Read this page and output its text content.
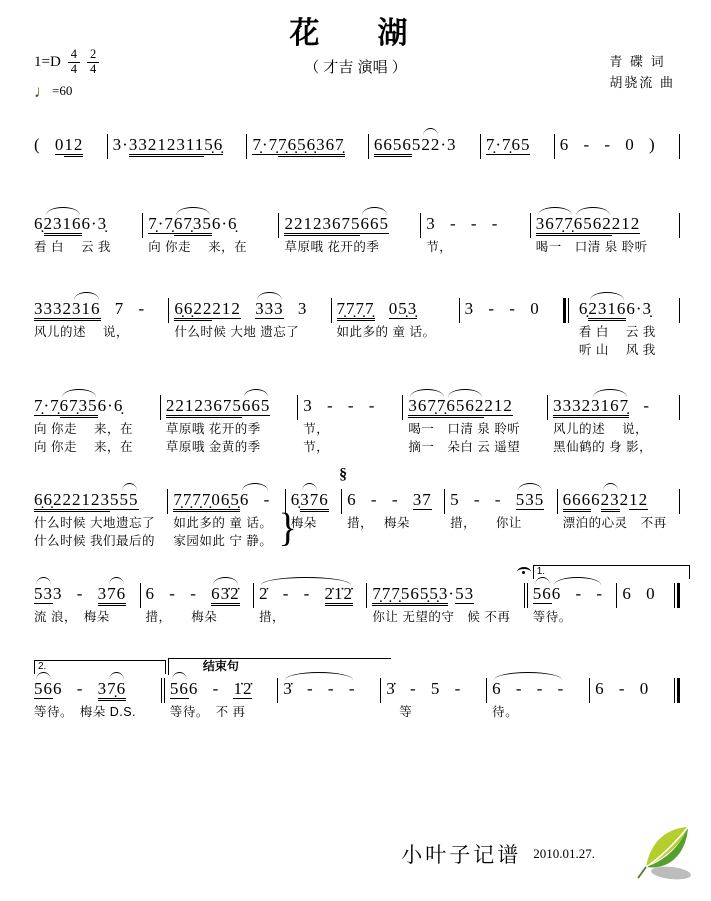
花　湖
（ 才吉 演唱 ）
$1=D \frac{4}{4} \frac{2}{4}$
♩ =60
青 碟 词
胡骁流 曲
( 012	3·332123115̣6̣	7̣·7̣7̣6̣5̣6̣367̣	6656522·3	7̣·7̣65	6 - - 0 )
6̣23166·3̣
看 白　 云 我
7̣·7̣67̣356·6̣
向 你走　 来，在
22123675665
草原哦 花开的季
3 - - -
节，
367̣7̣6562212
喝一　口清 泉 聆听
3332316 7 -
风儿的述　 说，
6̣6̣22212 333 3
什么时候 大地 遗忘了
7̣7̣7̣7̣ 05̣3̣
如此多的 童 话。
3 - - 0	6̣23166·3̣
看 白　 云 我
听 山　 风 我
7̣·7̣67̣356·6̣
向 你走　 来，在
向 你走　 来，在
22123675665
草原哦 花开的季
草原哦 金黄的季
3 - - -
节，
节，
367̣7̣6562212
喝一　口清 泉 聆听
摘一　朵白 云 遥望
33323167̣ -
风儿的述　 说，
黑仙鹤的 身 影，
6̣6̣222123555
什么时候 大地遗忘了
什么时候 我们最后的	}
7̣7̣7̣7̣06̣5̣6 -
如此多的 童 话。
家园如此 宁 静。
§
6̣376
梅朵
6 - - 37
措，　 梅朵
5 - - 535
措，　　你让
666623212
漂泊的心灵　不再
533 - 376
流 浪，　梅朵
6 - - 63̇2̇
措，　　梅朵
2̇ - - 2̇1̇2̇
措，
7̣7̣7̣565̣5̣3·53
你让 无望的守　候 不再
1.
566 - -
等待。
6 0
2.
566 - 37̣6
等待。　梅朵 D.S.
结束句
566 - 1̇2̇
等待。　不 再
3̇ - - -	3̇ - 5 -
　等
6 - - -
待。
6 - 0
小叶子记谱 2010.01.27.
